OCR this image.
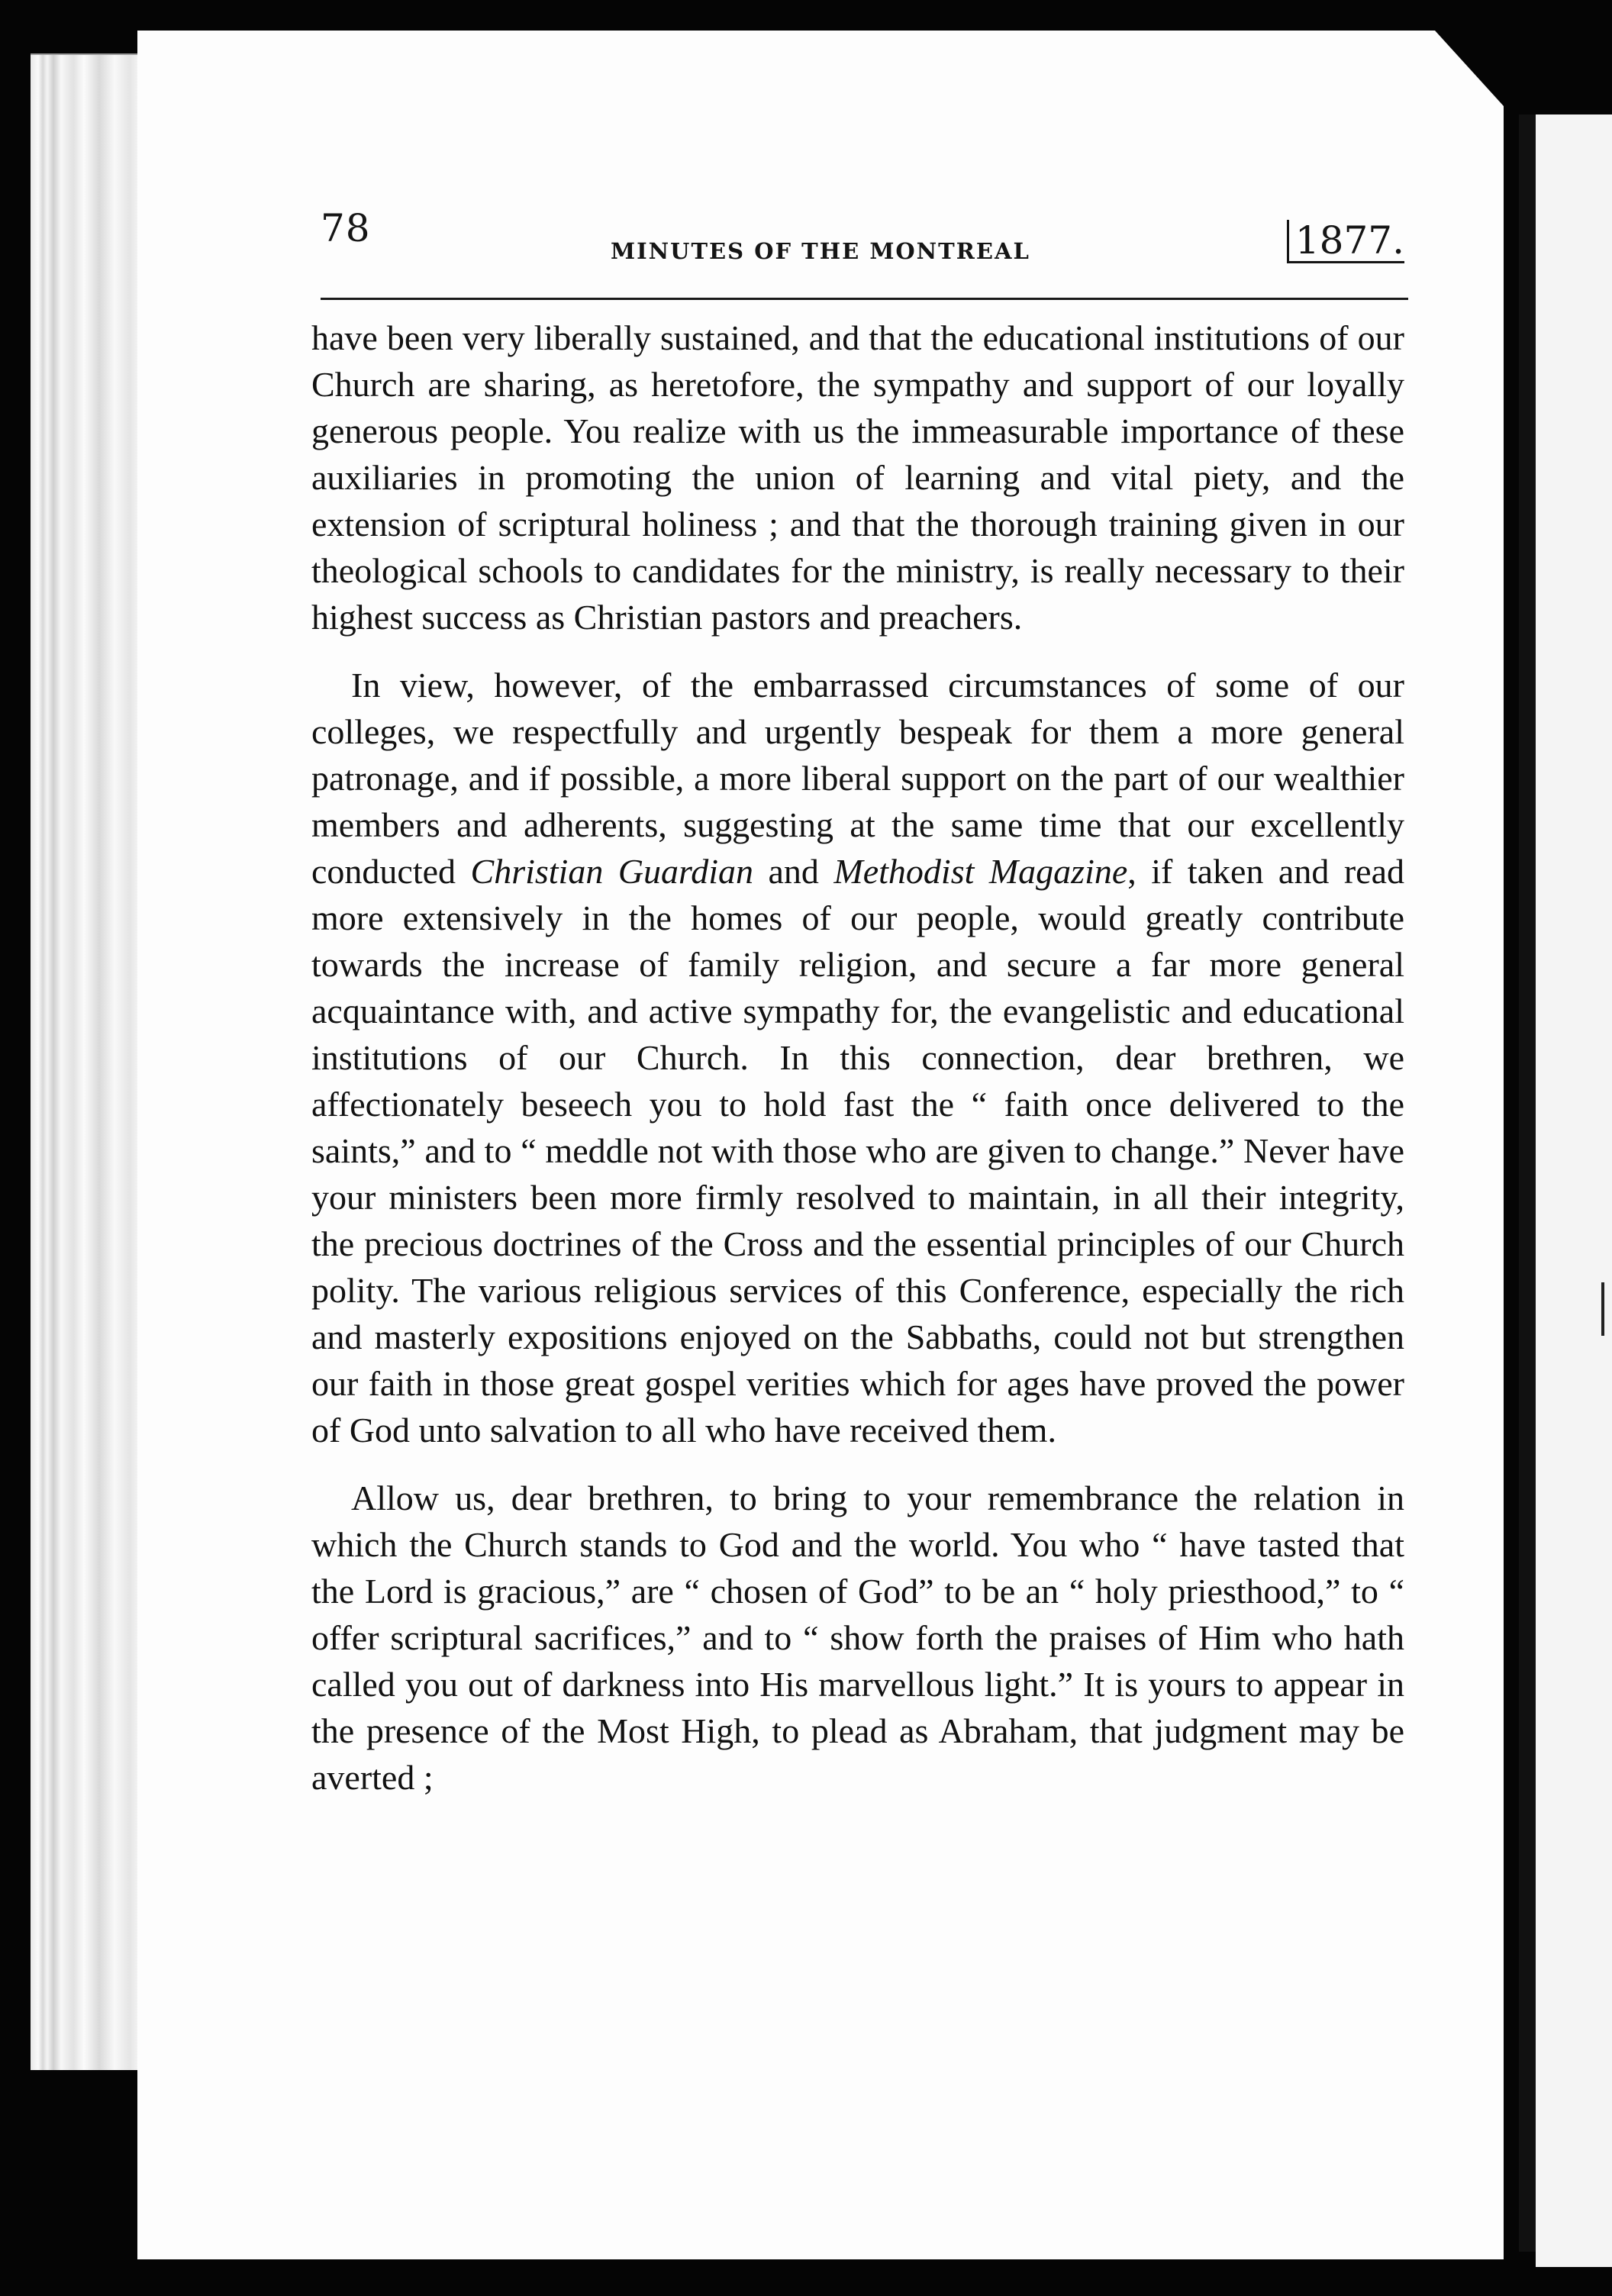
78
MINUTES OF THE MONTREAL	1877.

have been very liberally sustained, and that the educational institutions of our Church are sharing, as heretofore, the sympathy and support of our loyally generous people. You realize with us the immeasurable importance of these auxiliaries in promoting the union of learning and vital piety, and the extension of scriptural holiness ; and that the thorough training given in our theological schools to candidates for the ministry, is really necessary to their highest success as Christian pastors and preachers.

In view, however, of the embarrassed circumstances of some of our colleges, we respectfully and urgently bespeak for them a more general patronage, and if possible, a more liberal support on the part of our wealthier members and adherents, suggesting at the same time that our excellently conducted Christian Guardian and Methodist Magazine, if taken and read more extensively in the homes of our people, would greatly contribute towards the increase of family religion, and secure a far more general acquaintance with, and active sympathy for, the evangelistic and educational institutions of our Church. In this connection, dear brethren, we affectionately beseech you to hold fast the “ faith once delivered to the saints,” and to “ meddle not with those who are given to change.” Never have your ministers been more firmly resolved to maintain, in all their integrity, the precious doctrines of the Cross and the essential principles of our Church polity. The various religious services of this Conference, especially the rich and masterly expositions enjoyed on the Sabbaths, could not but strengthen our faith in those great gospel verities which for ages have proved the power of God unto salvation to all who have received them.

Allow us, dear brethren, to bring to your remembrance the relation in which the Church stands to God and the world. You who “ have tasted that the Lord is gracious,” are “ chosen of God” to be an “ holy priesthood,” to “ offer scriptural sacrifices,” and to “ show forth the praises of Him who hath called you out of darkness into His marvellous light.” It is yours to appear in the presence of the Most High, to plead as Abraham, that judgment may be averted ;
